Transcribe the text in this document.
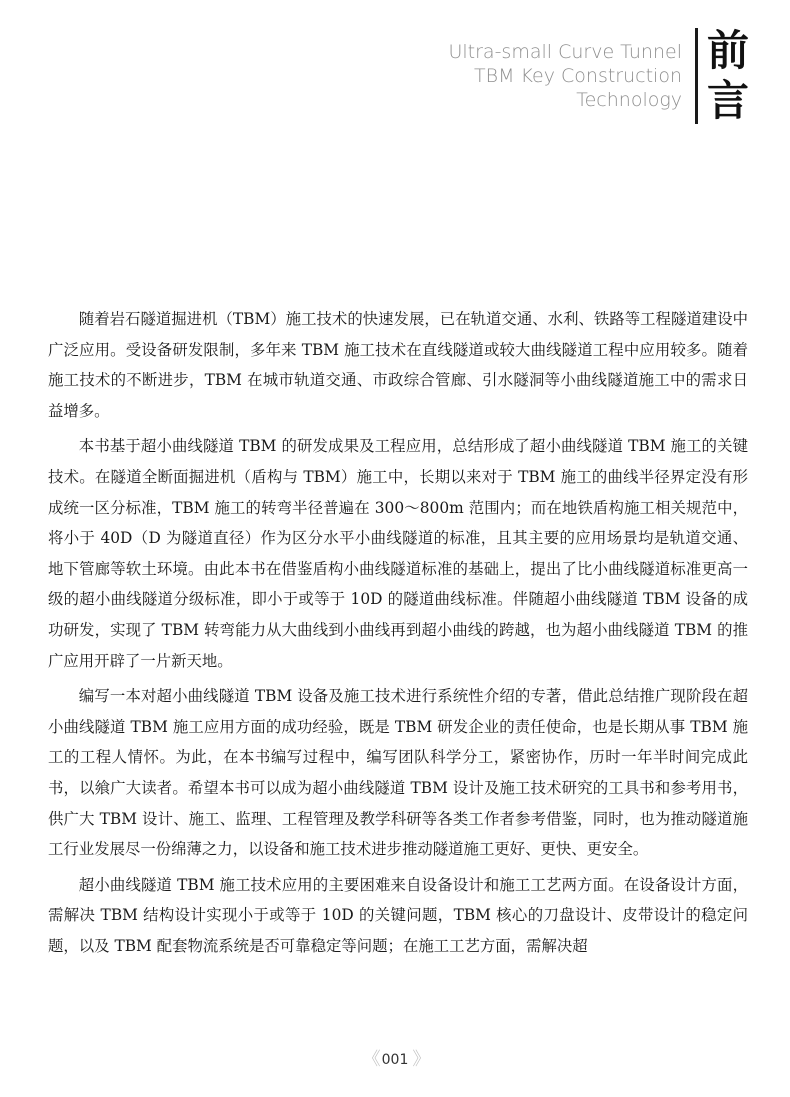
Ultra-small Curve Tunnel
TBM Key Construction
Technology
前
言

随着岩石隧道掘进机（TBM）施工技术的快速发展，已在轨道交通、水利、铁路等工程隧道建设中广泛应用。受设备研发限制，多年来 TBM 施工技术在直线隧道或较大曲线隧道工程中应用较多。随着施工技术的不断进步，TBM 在城市轨道交通、市政综合管廊、引水隧洞等小曲线隧道施工中的需求日益增多。

本书基于超小曲线隧道 TBM 的研发成果及工程应用，总结形成了超小曲线隧道 TBM 施工的关键技术。在隧道全断面掘进机（盾构与 TBM）施工中，长期以来对于 TBM 施工的曲线半径界定没有形成统一区分标准，TBM 施工的转弯半径普遍在 300～800m 范围内；而在地铁盾构施工相关规范中，将小于 40D（D 为隧道直径）作为区分水平小曲线隧道的标准，且其主要的应用场景均是轨道交通、地下管廊等软土环境。由此本书在借鉴盾构小曲线隧道标准的基础上，提出了比小曲线隧道标准更高一级的超小曲线隧道分级标准，即小于或等于 10D 的隧道曲线标准。伴随超小曲线隧道 TBM 设备的成功研发，实现了 TBM 转弯能力从大曲线到小曲线再到超小曲线的跨越，也为超小曲线隧道 TBM 的推广应用开辟了一片新天地。

编写一本对超小曲线隧道 TBM 设备及施工技术进行系统性介绍的专著，借此总结推广现阶段在超小曲线隧道 TBM 施工应用方面的成功经验，既是 TBM 研发企业的责任使命，也是长期从事 TBM 施工的工程人情怀。为此，在本书编写过程中，编写团队科学分工，紧密协作，历时一年半时间完成此书，以飨广大读者。希望本书可以成为超小曲线隧道 TBM 设计及施工技术研究的工具书和参考用书，供广大 TBM 设计、施工、监理、工程管理及教学科研等各类工作者参考借鉴，同时，也为推动隧道施工行业发展尽一份绵薄之力，以设备和施工技术进步推动隧道施工更好、更快、更安全。

超小曲线隧道 TBM 施工技术应用的主要困难来自设备设计和施工工艺两方面。在设备设计方面，需解决 TBM 结构设计实现小于或等于 10D 的关键问题，TBM 核心的刀盘设计、皮带设计的稳定问题，以及 TBM 配套物流系统是否可靠稳定等问题；在施工工艺方面，需解决超

《 001 》
